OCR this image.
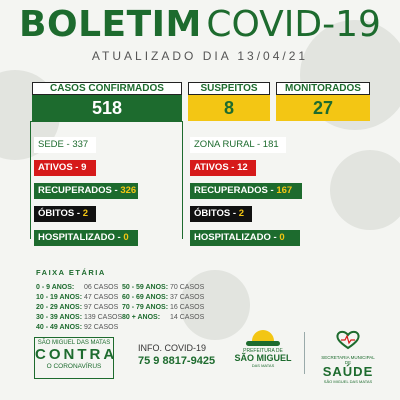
BOLETIM COVID-19
ATUALIZADO DIA 13/04/21
CASOS CONFIRMADOS
518
SUSPEITOS
8
MONITORADOS
27
SEDE - 337
ATIVOS - 9
RECUPERADOS - 326
ÓBITOS - 2
HOSPITALIZADO - 0
ZONA RURAL - 181
ATIVOS - 12
RECUPERADOS - 167
ÓBITOS - 2
HOSPITALIZADO - 0
FAIXA ETÁRIA
0 - 9 ANOS: 06 CASOS
10 - 19 ANOS: 47 CASOS
20 - 29 ANOS: 97 CASOS
30 - 39 ANOS: 139 CASOS
40 - 49 ANOS: 92 CASOS
50 - 59 ANOS: 70 CASOS
60 - 69 ANOS: 37 CASOS
70 - 79 ANOS: 16 CASOS
80 + ANOS: 14 CASOS
SÃO MIGUEL DAS MATAS
CONTRA
O CORONAVÍRUS
INFO. COVID-19
75 9 8817-9425
PREFEITURA DE
SÃO MIGUEL
DAS MATAS
SECRETARIA MUNICIPAL DE
SAÚDE
SÃO MIGUEL DAS MATAS
